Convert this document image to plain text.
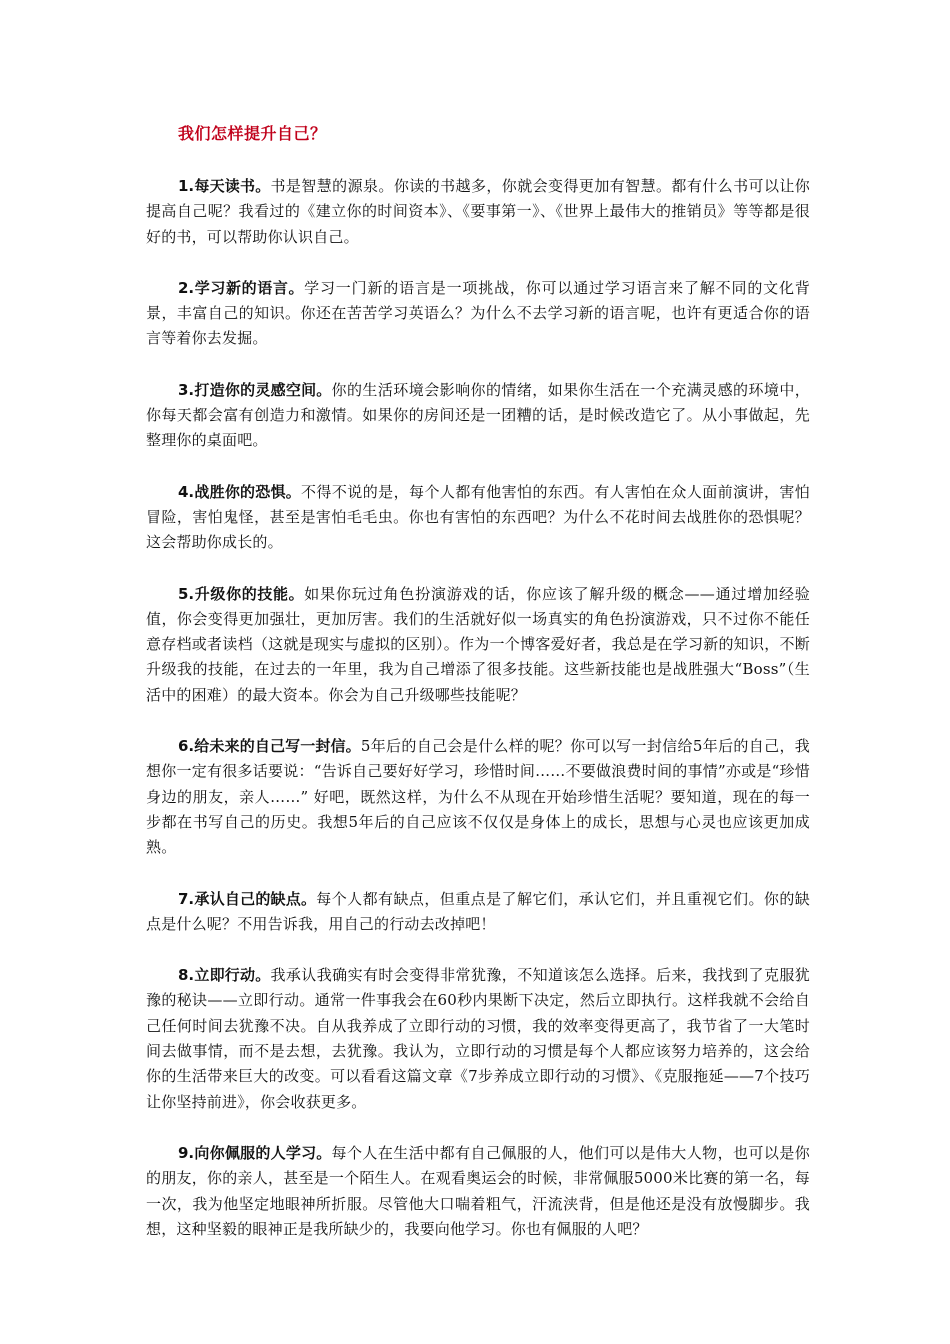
我们怎样提升自己？

1.每天读书。书是智慧的源泉。你读的书越多，你就会变得更加有智慧。都有什么书可以让你提高自己呢？我看过的《建立你的时间资本》、《要事第一》、《世界上最伟大的推销员》等等都是很好的书，可以帮助你认识自己。

2.学习新的语言。学习一门新的语言是一项挑战，你可以通过学习语言来了解不同的文化背景，丰富自己的知识。你还在苦苦学习英语么？为什么不去学习新的语言呢，也许有更适合你的语言等着你去发掘。

3.打造你的灵感空间。你的生活环境会影响你的情绪，如果你生活在一个充满灵感的环境中，你每天都会富有创造力和激情。如果你的房间还是一团糟的话，是时候改造它了。从小事做起，先整理你的桌面吧。

4.战胜你的恐惧。不得不说的是，每个人都有他害怕的东西。有人害怕在众人面前演讲，害怕冒险，害怕鬼怪，甚至是害怕毛毛虫。你也有害怕的东西吧？为什么不花时间去战胜你的恐惧呢？这会帮助你成长的。

5.升级你的技能。如果你玩过角色扮演游戏的话，你应该了解升级的概念——通过增加经验值，你会变得更加强壮，更加厉害。我们的生活就好似一场真实的角色扮演游戏，只不过你不能任意存档或者读档（这就是现实与虚拟的区别）。作为一个博客爱好者，我总是在学习新的知识，不断升级我的技能，在过去的一年里，我为自己增添了很多技能。这些新技能也是战胜强大“Boss”（生活中的困难）的最大资本。你会为自己升级哪些技能呢？

6.给未来的自己写一封信。5年后的自己会是什么样的呢？你可以写一封信给5年后的自己，我想你一定有很多话要说：“告诉自己要好好学习，珍惜时间……不要做浪费时间的事情”亦或是“珍惜身边的朋友，亲人……” 好吧，既然这样，为什么不从现在开始珍惜生活呢？要知道，现在的每一步都在书写自己的历史。我想5年后的自己应该不仅仅是身体上的成长，思想与心灵也应该更加成熟。

7.承认自己的缺点。每个人都有缺点，但重点是了解它们，承认它们，并且重视它们。你的缺点是什么呢？不用告诉我，用自己的行动去改掉吧！

8.立即行动。我承认我确实有时会变得非常犹豫，不知道该怎么选择。后来，我找到了克服犹豫的秘诀——立即行动。通常一件事我会在60秒内果断下决定，然后立即执行。这样我就不会给自己任何时间去犹豫不决。自从我养成了立即行动的习惯，我的效率变得更高了，我节省了一大笔时间去做事情，而不是去想，去犹豫。我认为，立即行动的习惯是每个人都应该努力培养的，这会给你的生活带来巨大的改变。可以看看这篇文章《7步养成立即行动的习惯》、《克服拖延——7个技巧让你坚持前进》，你会收获更多。

9.向你佩服的人学习。每个人在生活中都有自己佩服的人，他们可以是伟大人物，也可以是你的朋友，你的亲人，甚至是一个陌生人。在观看奥运会的时候，非常佩服5000米比赛的第一名，每一次，我为他坚定地眼神所折服。尽管他大口喘着粗气，汗流浃背，但是他还是没有放慢脚步。我想，这种坚毅的眼神正是我所缺少的，我要向他学习。你也有佩服的人吧？
